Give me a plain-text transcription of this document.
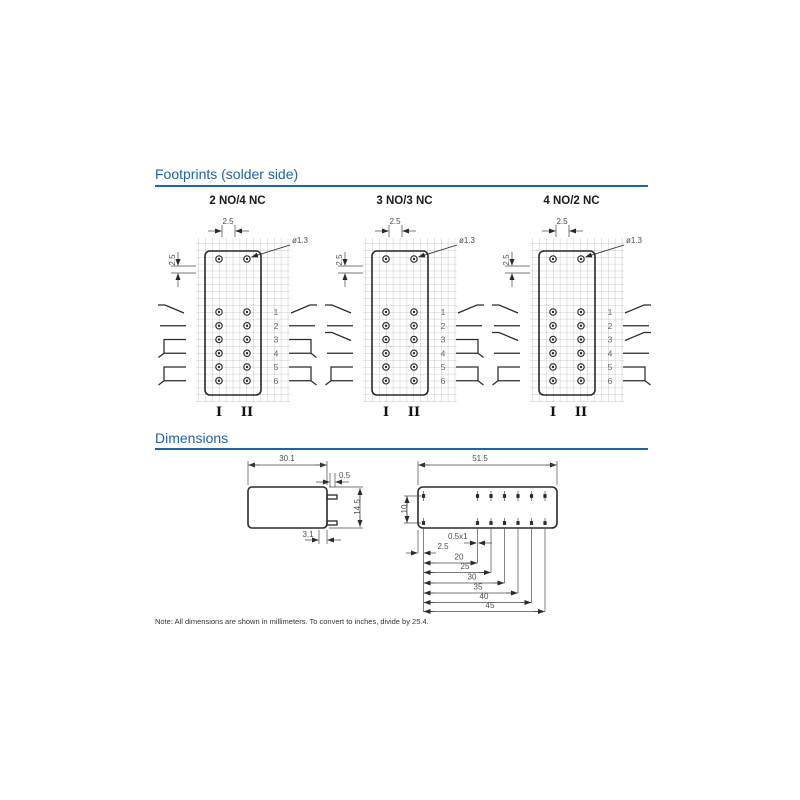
Footprints (solder side)
2 NO/4 NC	3 NO/3 NC	4 NO/2 NC
2.5
ø1.3
2.5
1
2
3
4
5
6
I II
2.5
ø1.3
2.5
1
2
3
4
5
6
I II
2.5
ø1.3
2.5
1
2
3
4
5
6
I II
Dimensions
30.1
0.5
14.5
3.1
51.5
10
0.5x1
2.5
20
25
30
35
40
45
Note: All dimensions are shown in millimeters. To convert to inches, divide by 25.4.
